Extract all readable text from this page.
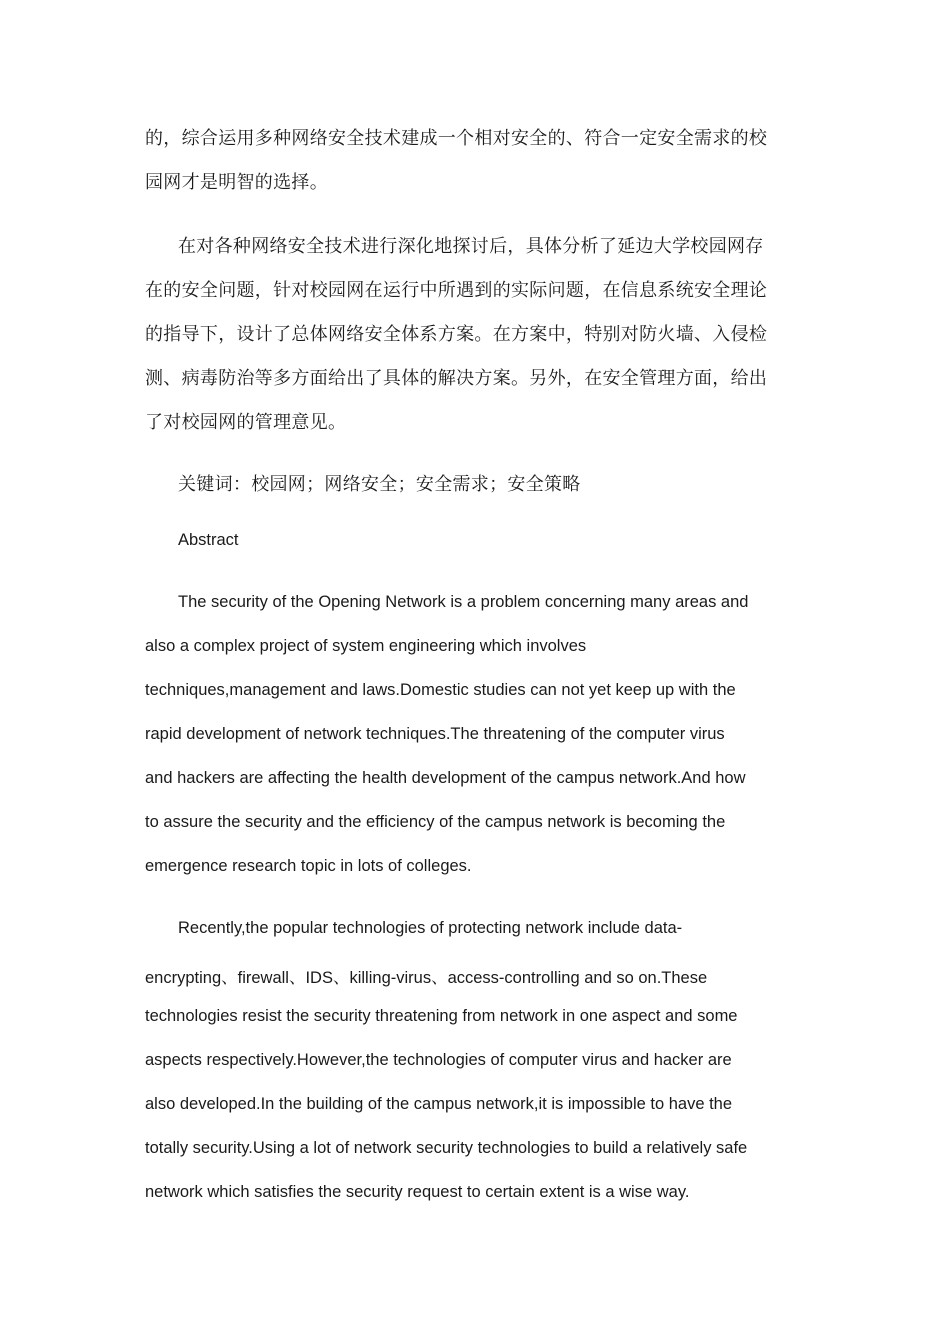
的，综合运用多种网络安全技术建成一个相对安全的、符合一定安全需求的校
园网才是明智的选择。
在对各种网络安全技术进行深化地探讨后，具体分析了延边大学校园网存
在的安全问题，针对校园网在运行中所遇到的实际问题，在信息系统安全理论
的指导下，设计了总体网络安全体系方案。在方案中，特别对防火墙、入侵检
测、病毒防治等多方面给出了具体的解决方案。另外，在安全管理方面，给出
了对校园网的管理意见。
关键词：校园网；网络安全；安全需求；安全策略
Abstract
The security of the Opening Network is a problem concerning many areas and
also a complex project of system engineering which involves
techniques,management and laws.Domestic studies can not yet keep up with the
rapid development of network techniques.The threatening of the computer virus
and hackers are affecting the health development of the campus network.And how
to assure the security and the efficiency of the campus network is becoming the
emergence research topic in lots of colleges.
Recently,the popular technologies of protecting network include data-
encrypting、firewall、IDS、killing-virus、access-controlling and so on.These
technologies resist the security threatening from network in one aspect and some
aspects respectively.However,the technologies of computer virus and hacker are
also developed.In the building of the campus network,it is impossible to have the
totally security.Using a lot of network security technologies to build a relatively safe
network which satisfies the security request to certain extent is a wise way.
